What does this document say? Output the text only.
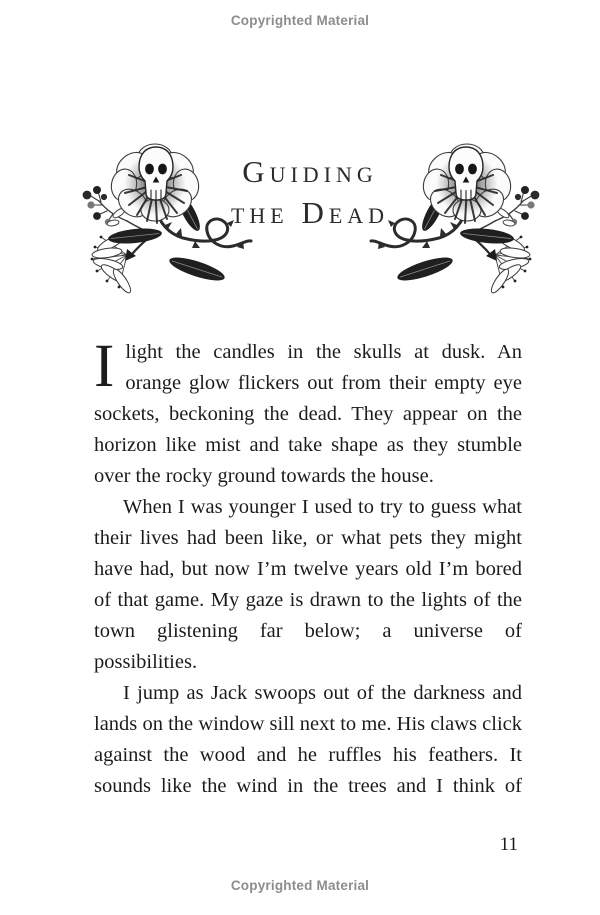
Copyrighted Material
Guiding
the Dead

Ilight the candles in the skulls at dusk. An orange glow flickers out from their empty eye sockets, beckoning the dead. They appear on the horizon like mist and take shape as they stumble over the rocky ground towards the house.

When I was younger I used to try to guess what their lives had been like, or what pets they might have had, but now I’m twelve years old I’m bored of that game. My gaze is drawn to the lights of the town glistening far below; a universe of possibilities.

I jump as Jack swoops out of the darkness and lands on the window sill next to me. His claws click against the wood and he ruffles his feathers. It sounds like the wind in the trees and I think of

11
Copyrighted Material
